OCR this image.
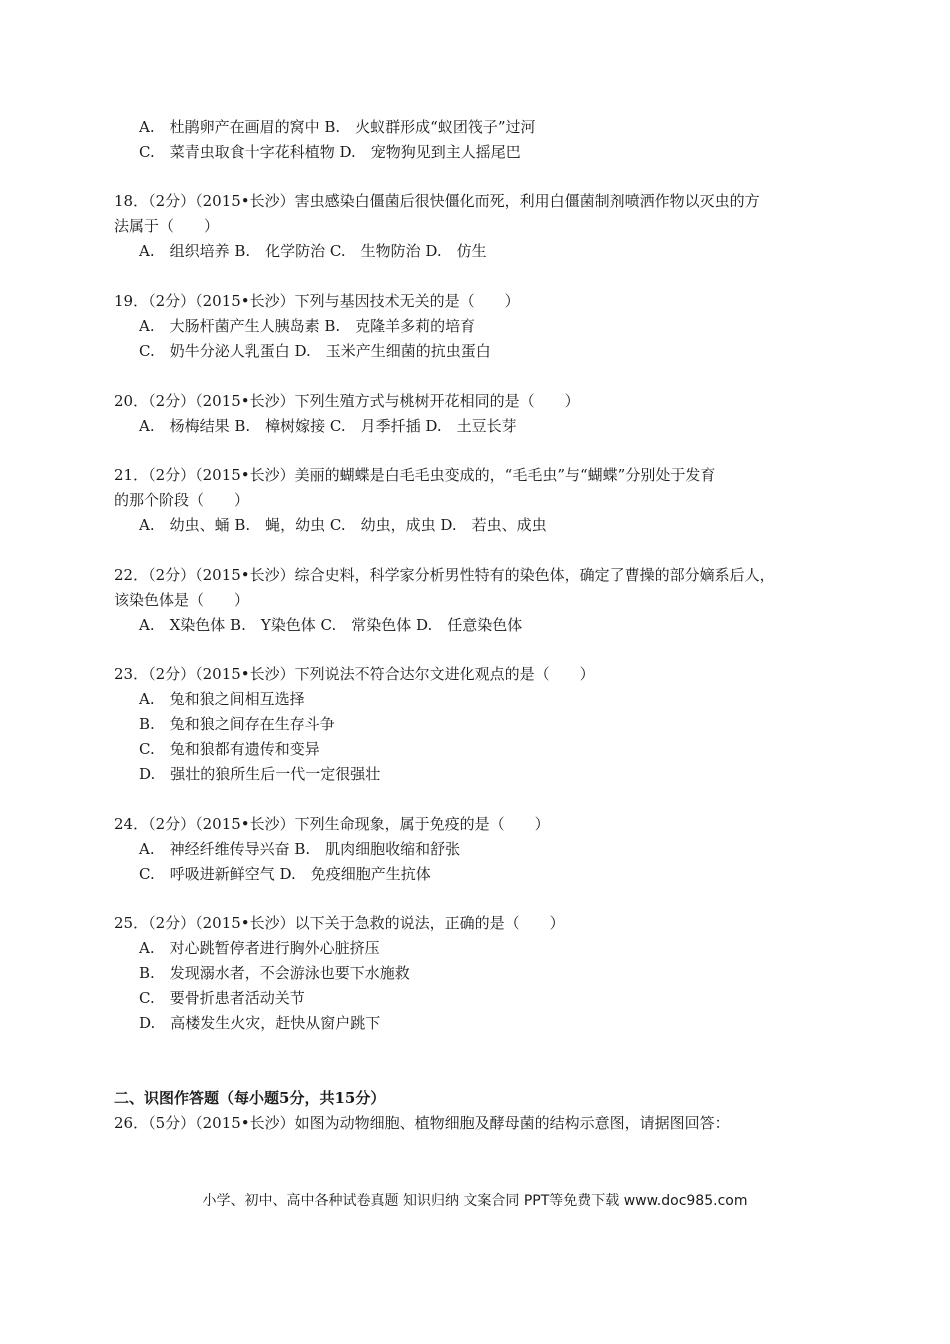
A.　杜鹃卵产在画眉的窝中 B.　火蚁群形成“蚁团筏子”过河
C.　菜青虫取食十字花科植物 D.　宠物狗见到主人摇尾巴
18．（2分）（2015•长沙）害虫感染白僵菌后很快僵化而死，利用白僵菌制剂喷洒作物以灭虫的方
法属于（　　）
A.　组织培养 B.　化学防治 C.　生物防治 D.　仿生
19．（2分）（2015•长沙）下列与基因技术无关的是（　　）
A.　大肠杆菌产生人胰岛素 B.　克隆羊多莉的培育
C.　奶牛分泌人乳蛋白 D.　玉米产生细菌的抗虫蛋白
20．（2分）（2015•长沙）下列生殖方式与桃树开花相同的是（　　）
A.　杨梅结果 B.　樟树嫁接 C.　月季扦插 D.　土豆长芽
21．（2分）（2015•长沙）美丽的蝴蝶是白毛毛虫变成的，“毛毛虫”与“蝴蝶”分别处于发育
的那个阶段（　　）
A.　幼虫、蛹 B.　蝇，幼虫 C.　幼虫，成虫 D.　若虫、成虫
22．（2分）（2015•长沙）综合史料，科学家分析男性特有的染色体，确定了曹操的部分嫡系后人，
该染色体是（　　）
A.　X染色体 B.　Y染色体 C.　常染色体 D.　任意染色体
23．（2分）（2015•长沙）下列说法不符合达尔文进化观点的是（　　）
A.　兔和狼之间相互选择
B.　兔和狼之间存在生存斗争
C.　兔和狼都有遗传和变异
D.　强壮的狼所生后一代一定很强壮
24．（2分）（2015•长沙）下列生命现象，属于免疫的是（　　）
A.　神经纤维传导兴奋 B.　肌肉细胞收缩和舒张
C.　呼吸进新鲜空气 D.　免疫细胞产生抗体
25．（2分）（2015•长沙）以下关于急救的说法，正确的是（　　）
A.　对心跳暂停者进行胸外心脏挤压
B.　发现溺水者，不会游泳也要下水施救
C.　要骨折患者活动关节
D.　高楼发生火灾，赶快从窗户跳下
二、识图作答题（每小题5分，共15分）
26．（5分）（2015•长沙）如图为动物细胞、植物细胞及酵母菌的结构示意图，请据图回答：
小学、初中、高中各种试卷真题 知识归纳 文案合同 PPT等免费下载 www.doc985.com
